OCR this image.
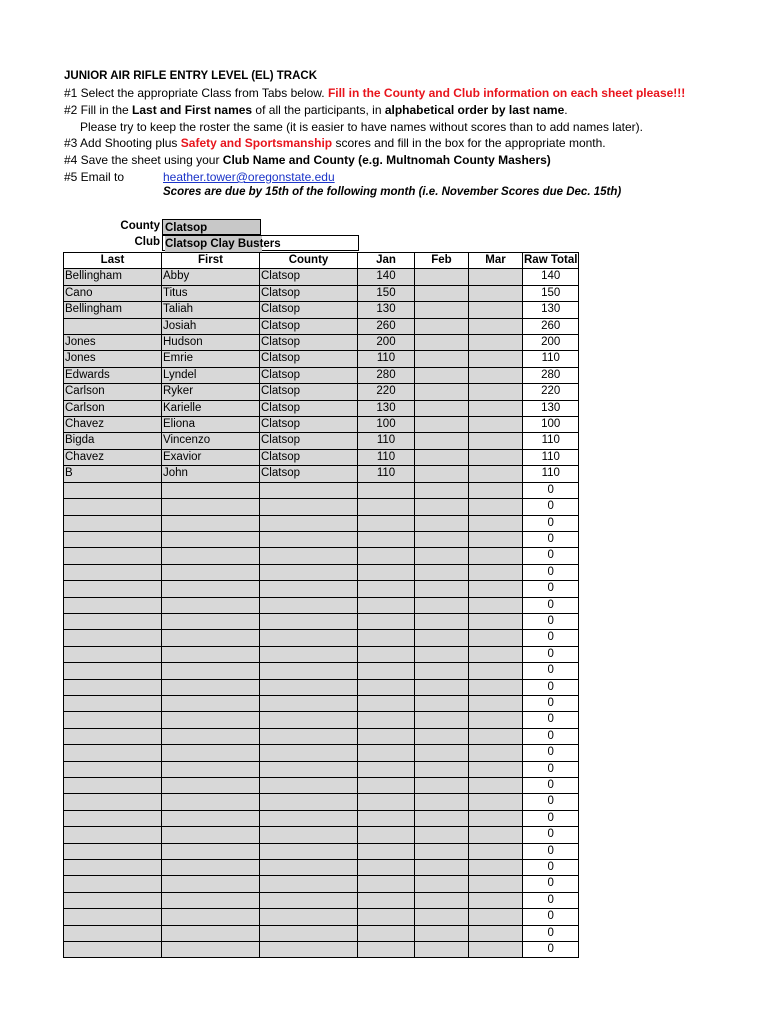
JUNIOR AIR RIFLE ENTRY LEVEL (EL) TRACK
#1 Select the appropriate Class from Tabs below. Fill in the County and Club information on each sheet please!!!
#2 Fill in the Last and First names of all the participants, in alphabetical order by last name.
Please try to keep the roster the same (it is easier to have names without scores than to add names later).
#3 Add Shooting plus Safety and Sportsmanship scores and fill in the box for the appropriate month.
#4 Save the sheet using your Club Name and County (e.g. Multnomah County Mashers)
#5 Email to	heather.tower@oregonstate.edu
Scores are due by 15th of the following month (i.e. November Scores due Dec. 15th)
County Clatsop
Club Clatsop Clay Busters
Last	First	County	Jan	Feb	Mar	Raw Total
Bellingham	Abby	Clatsop	140			140
Cano	Titus	Clatsop	150			150
Bellingham	Taliah	Clatsop	130			130
	Josiah	Clatsop	260			260
Jones	Hudson	Clatsop	200			200
Jones	Emrie	Clatsop	110			110
Edwards	Lyndel	Clatsop	280			280
Carlson	Ryker	Clatsop	220			220
Carlson	Karielle	Clatsop	130			130
Chavez	Eliona	Clatsop	100			100
Bigda	Vincenzo	Clatsop	110			110
Chavez	Exavior	Clatsop	110			110
B	John	Clatsop	110			110
						0
						0
						0
						0
						0
						0
						0
						0
						0
						0
						0
						0
						0
						0
						0
						0
						0
						0
						0
						0
						0
						0
						0
						0
						0
						0
						0
						0
						0
